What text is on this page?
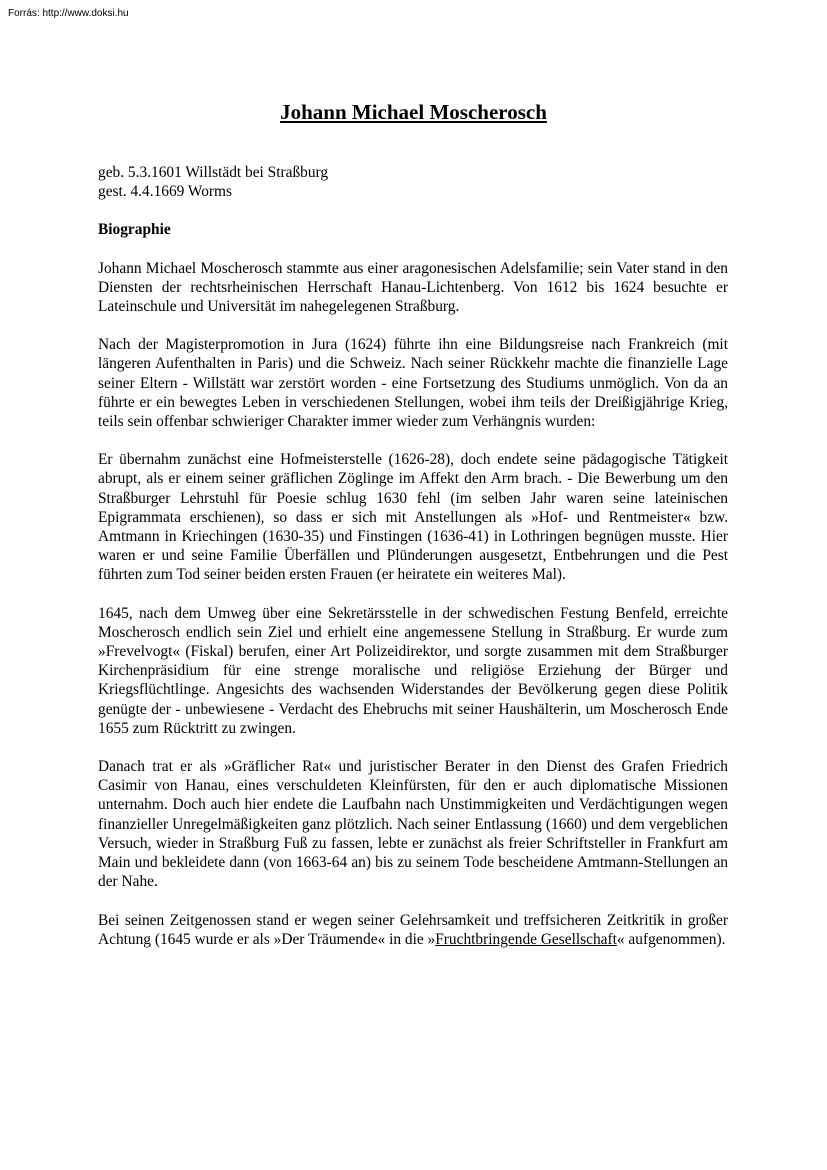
Forrás: http://www.doksi.hu
Johann Michael Moscherosch
geb. 5.3.1601 Willstädt bei Straßburg
gest. 4.4.1669 Worms
Biographie

Johann Michael Moscherosch stammte aus einer aragonesischen Adelsfamilie; sein Vater stand in den Diensten der rechtsrheinischen Herrschaft Hanau-Lichtenberg. Von 1612 bis 1624 besuchte er Lateinschule und Universität im nahegelegenen Straßburg.

Nach der Magisterpromotion in Jura (1624) führte ihn eine Bildungsreise nach Frankreich (mit längeren Aufenthalten in Paris) und die Schweiz. Nach seiner Rückkehr machte die finanzielle Lage seiner Eltern - Willstätt war zerstört worden - eine Fortsetzung des Studiums unmöglich. Von da an führte er ein bewegtes Leben in verschiedenen Stellungen, wobei ihm teils der Dreißigjährige Krieg, teils sein offenbar schwieriger Charakter immer wieder zum Verhängnis wurden:

Er übernahm zunächst eine Hofmeisterstelle (1626-28), doch endete seine pädagogische Tätigkeit abrupt, als er einem seiner gräflichen Zöglinge im Affekt den Arm brach. - Die Bewerbung um den Straßburger Lehrstuhl für Poesie schlug 1630 fehl (im selben Jahr waren seine lateinischen Epigrammata erschienen), so dass er sich mit Anstellungen als »Hof- und Rentmeister« bzw. Amtmann in Kriechingen (1630-35) und Finstingen (1636-41) in Lothringen begnügen musste. Hier waren er und seine Familie Überfällen und Plünderungen ausgesetzt, Entbehrungen und die Pest führten zum Tod seiner beiden ersten Frauen (er heiratete ein weiteres Mal).

1645, nach dem Umweg über eine Sekretärsstelle in der schwedischen Festung Benfeld, erreichte Moscherosch endlich sein Ziel und erhielt eine angemessene Stellung in Straßburg. Er wurde zum »Frevelvogt« (Fiskal) berufen, einer Art Polizeidirektor, und sorgte zusammen mit dem Straßburger Kirchenpräsidium für eine strenge moralische und religiöse Erziehung der Bürger und Kriegsflüchtlinge. Angesichts des wachsenden Widerstandes der Bevölkerung gegen diese Politik genügte der - unbewiesene - Verdacht des Ehebruchs mit seiner Haushälterin, um Moscherosch Ende 1655 zum Rücktritt zu zwingen.

Danach trat er als »Gräflicher Rat« und juristischer Berater in den Dienst des Grafen Friedrich Casimir von Hanau, eines verschuldeten Kleinfürsten, für den er auch diplomatische Missionen unternahm. Doch auch hier endete die Laufbahn nach Unstimmigkeiten und Verdächtigungen wegen finanzieller Unregelmäßigkeiten ganz plötzlich. Nach seiner Entlassung (1660) und dem vergeblichen Versuch, wieder in Straßburg Fuß zu fassen, lebte er zunächst als freier Schriftsteller in Frankfurt am Main und bekleidete dann (von 1663-64 an) bis zu seinem Tode bescheidene Amtmann-Stellungen an der Nahe.

Bei seinen Zeitgenossen stand er wegen seiner Gelehrsamkeit und treffsicheren Zeitkritik in großer Achtung (1645 wurde er als »Der Träumende« in die »Fruchtbringende Gesellschaft« aufgenommen).
